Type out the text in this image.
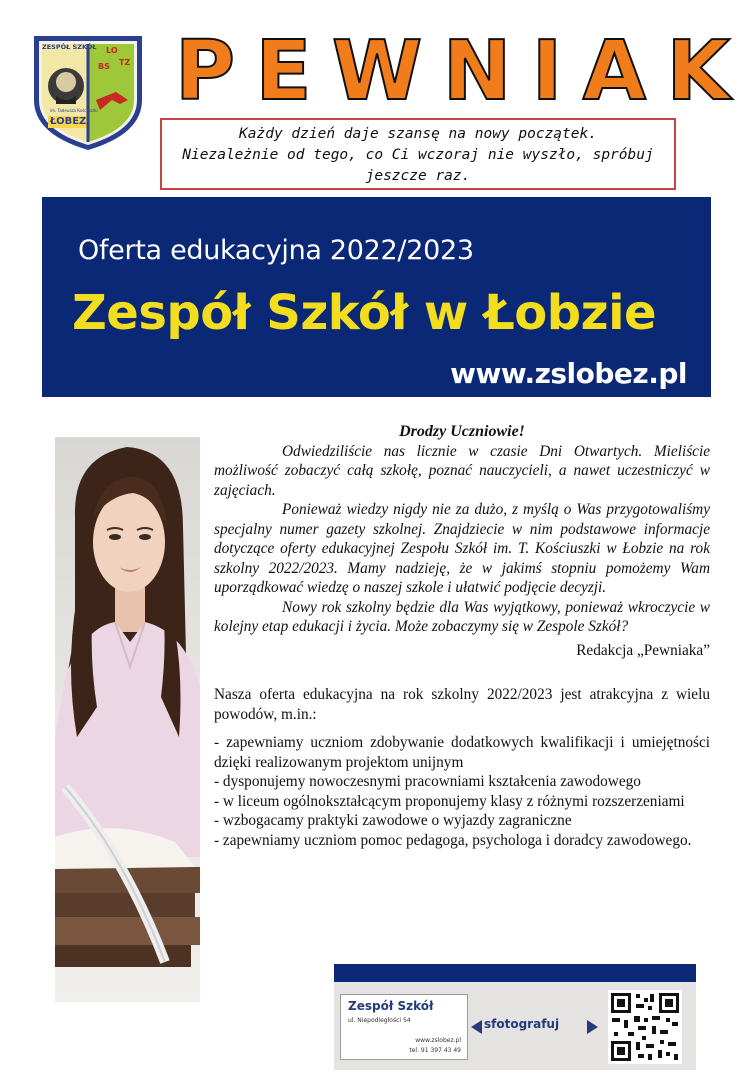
ZESPÓŁ SZKÓŁ LO
BS TZ
im. Tadeusza Kościuszki
ŁOBEZ
P E W N I A K
Każdy dzień daje szansę na nowy początek.
Niezależnie od tego, co Ci wczoraj nie wyszło, spróbuj
jeszcze raz.
Oferta edukacyjna 2022/2023
Zespół Szkół w Łobzie
www.zslobez.pl
Drodzy Uczniowie!

Odwiedziliście nas licznie w czasie Dni Otwartych. Mieliście możliwość zobaczyć całą szkołę, poznać nauczycieli, a nawet uczestniczyć w zajęciach.

Ponieważ wiedzy nigdy nie za dużo, z myślą o Was przygotowaliśmy specjalny numer gazety szkolnej. Znajdziecie w nim podstawowe informacje dotyczące oferty edukacyjnej Zespołu Szkół im. T. Kościuszki w Łobzie na rok szkolny 2022/2023. Mamy nadzieję, że w jakimś stopniu pomożemy Wam uporządkować wiedzę o naszej szkole i ułatwić podjęcie decyzji.

Nowy rok szkolny będzie dla Was wyjątkowy, ponieważ wkroczycie w kolejny etap edukacji i życia. Może zobaczymy się w Zespole Szkół?

Redakcja „Pewniaka”
Nasza oferta edukacyjna na rok szkolny 2022/2023 jest atrakcyjna z wielu powodów, m.in.:
- zapewniamy uczniom zdobywanie dodatkowych kwalifikacji i umiejętności dzięki realizowanym projektom unijnym
- dysponujemy nowoczesnymi pracowniami kształcenia zawodowego
- w liceum ogólnokształcącym proponujemy klasy z różnymi rozszerzeniami
- wzbogacamy praktyki zawodowe o wyjazdy zagraniczne
- zapewniamy uczniom pomoc pedagoga, psychologa i doradcy zawodowego.
Zespół Szkół
ul. Niepodległości 54
www.zslobez.pl
tel. 91 397 43 49
sfotografuj
